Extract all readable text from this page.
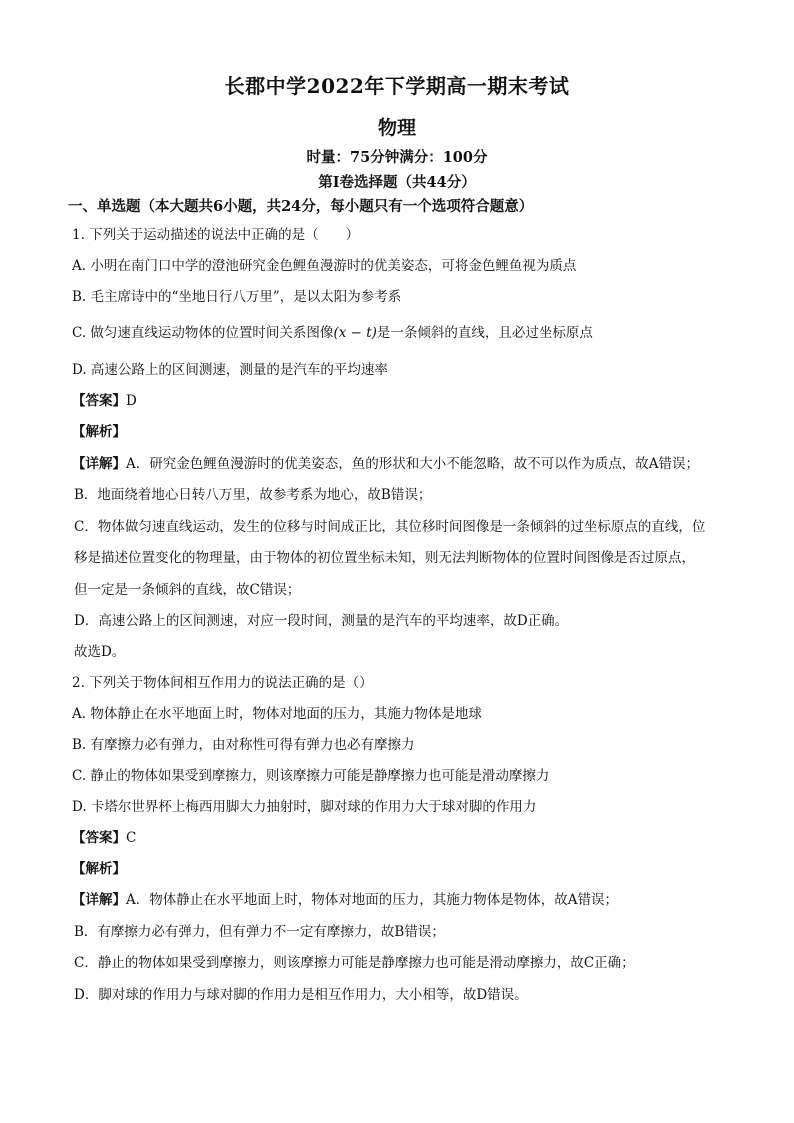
长郡中学2022年下学期高一期末考试
物理
时量：75分钟满分：100分
第I卷选择题（共44分）
一、单选题（本大题共6小题，共24分，每小题只有一个选项符合题意）
1. 下列关于运动描述的说法中正确的是（　　）
A. 小明在南门口中学的澄池研究金色鲤鱼漫游时的优美姿态，可将金色鲤鱼视为质点
B. 毛主席诗中的“坐地日行八万里”，是以太阳为参考系
C. 做匀速直线运动物体的位置时间关系图像(x − t)是一条倾斜的直线，且必过坐标原点
D. 高速公路上的区间测速，测量的是汽车的平均速率
【答案】D
【解析】
【详解】A．研究金色鲤鱼漫游时的优美姿态，鱼的形状和大小不能忽略，故不可以作为质点，故A错误；
B．地面绕着地心日转八万里，故参考系为地心，故B错误；
C．物体做匀速直线运动，发生的位移与时间成正比，其位移时间图像是一条倾斜的过坐标原点的直线，位
移是描述位置变化的物理量，由于物体的初位置坐标未知，则无法判断物体的位置时间图像是否过原点，
但一定是一条倾斜的直线，故C错误；
D．高速公路上的区间测速，对应一段时间，测量的是汽车的平均速率，故D正确。
故选D。
2. 下列关于物体间相互作用力的说法正确的是（）
A. 物体静止在水平地面上时，物体对地面的压力，其施力物体是地球
B. 有摩擦力必有弹力，由对称性可得有弹力也必有摩擦力
C. 静止的物体如果受到摩擦力，则该摩擦力可能是静摩擦力也可能是滑动摩擦力
D. 卡塔尔世界杯上梅西用脚大力抽射时，脚对球的作用力大于球对脚的作用力
【答案】C
【解析】
【详解】A．物体静止在水平地面上时，物体对地面的压力，其施力物体是物体，故A错误；
B．有摩擦力必有弹力，但有弹力不一定有摩擦力，故B错误；
C．静止的物体如果受到摩擦力，则该摩擦力可能是静摩擦力也可能是滑动摩擦力，故C正确；
D．脚对球的作用力与球对脚的作用力是相互作用力，大小相等，故D错误。
